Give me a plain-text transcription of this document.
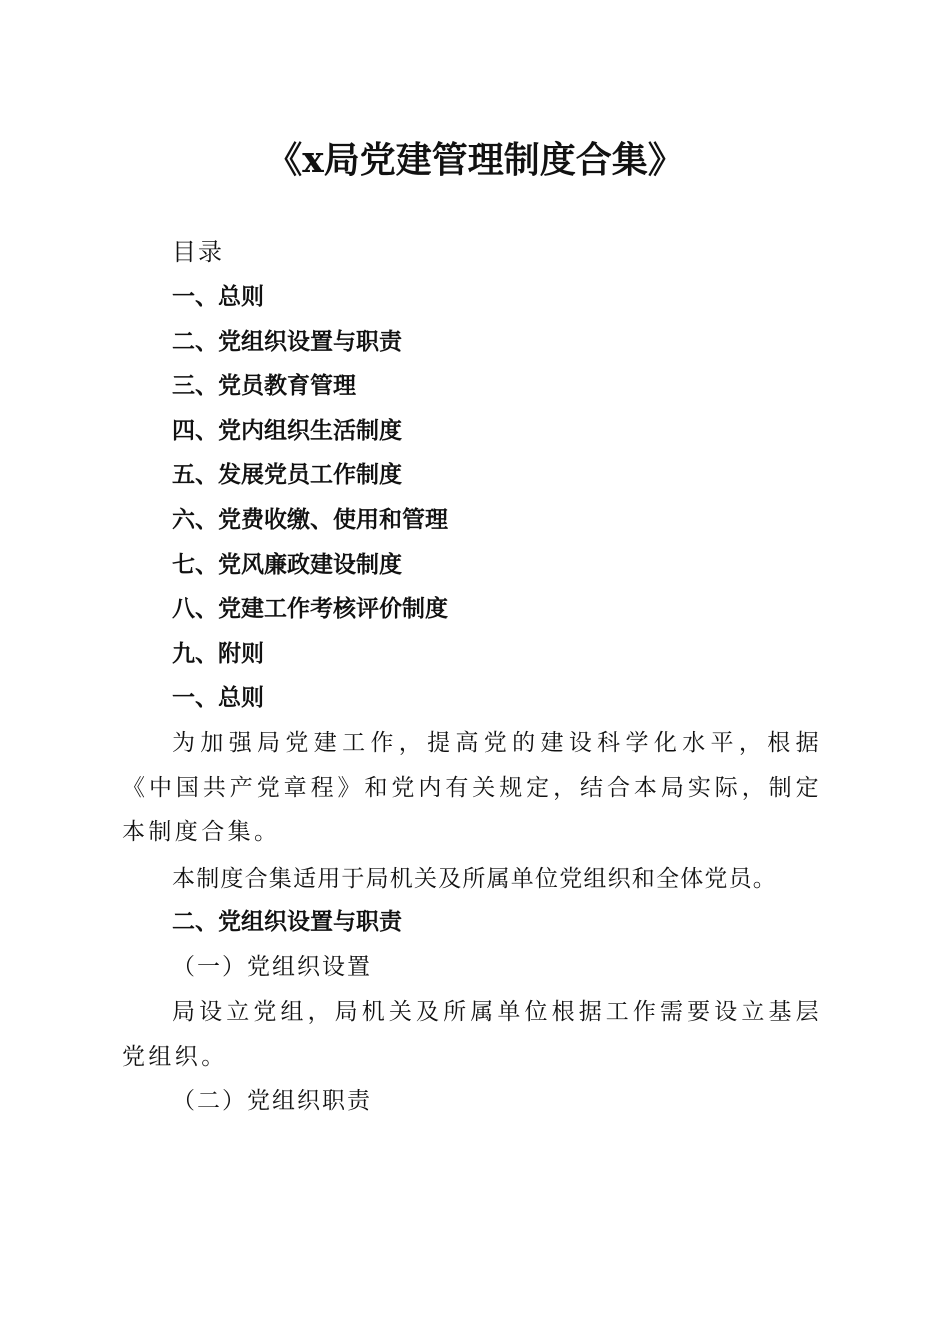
《x局党建管理制度合集》
目录
一、总则
二、党组织设置与职责
三、党员教育管理
四、党内组织生活制度
五、发展党员工作制度
六、党费收缴、使用和管理
七、党风廉政建设制度
八、党建工作考核评价制度
九、附则
一、总则

为加强局党建工作，提高党的建设科学化水平，根据《中国共产党章程》和党内有关规定，结合本局实际，制定本制度合集。

本制度合集适用于局机关及所属单位党组织和全体党员。

二、党组织设置与职责
（一）党组织设置

局设立党组，局机关及所属单位根据工作需要设立基层党组织。

（二）党组织职责
